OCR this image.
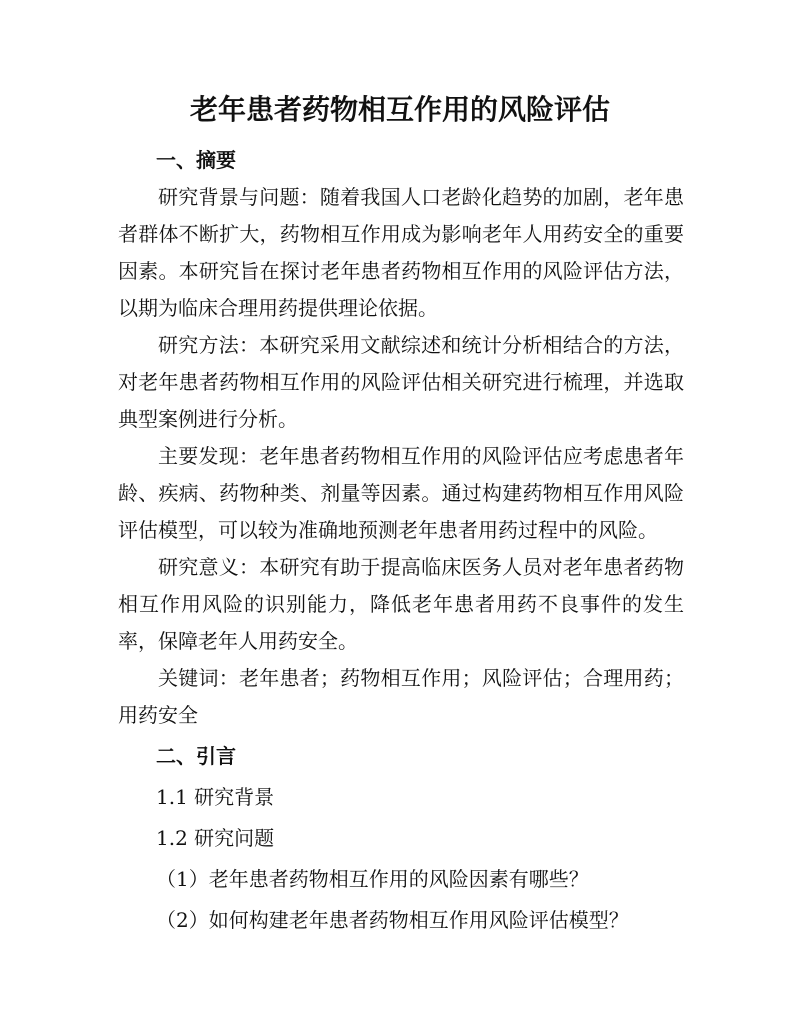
老年患者药物相互作用的风险评估
一、摘要

研究背景与问题：随着我国人口老龄化趋势的加剧，老年患者群体不断扩大，药物相互作用成为影响老年人用药安全的重要因素。本研究旨在探讨老年患者药物相互作用的风险评估方法，以期为临床合理用药提供理论依据。

研究方法：本研究采用文献综述和统计分析相结合的方法，对老年患者药物相互作用的风险评估相关研究进行梳理，并选取典型案例进行分析。

主要发现：老年患者药物相互作用的风险评估应考虑患者年龄、疾病、药物种类、剂量等因素。通过构建药物相互作用风险评估模型，可以较为准确地预测老年患者用药过程中的风险。

研究意义：本研究有助于提高临床医务人员对老年患者药物相互作用风险的识别能力，降低老年患者用药不良事件的发生率，保障老年人用药安全。

关键词：老年患者；药物相互作用；风险评估；合理用药；用药安全

二、引言
1.1 研究背景
1.2 研究问题
（1）老年患者药物相互作用的风险因素有哪些？
（2）如何构建老年患者药物相互作用风险评估模型？
